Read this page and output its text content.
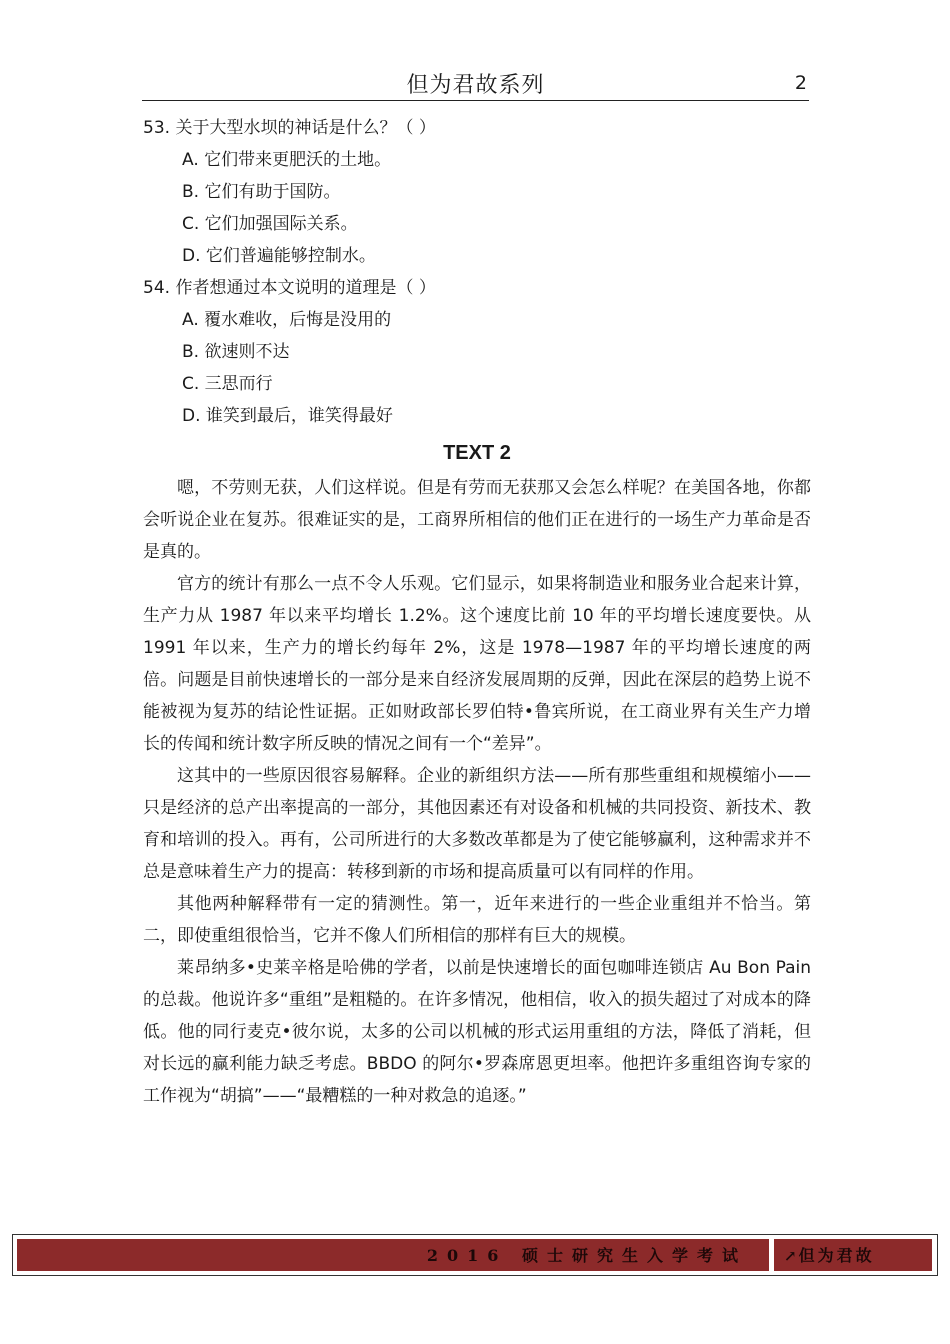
但为君故系列	2

53. 关于大型水坝的神话是什么？（ ）

A. 它们带来更肥沃的土地。

B. 它们有助于国防。

C. 它们加强国际关系。

D. 它们普遍能够控制水。

54. 作者想通过本文说明的道理是（ ）

A. 覆水难收，后悔是没用的

B. 欲速则不达

C. 三思而行

D. 谁笑到最后，谁笑得最好

TEXT 2

嗯，不劳则无获，人们这样说。但是有劳而无获那又会怎么样呢？在美国各地，你都会听说企业在复苏。很难证实的是，工商界所相信的他们正在进行的一场生产力革命是否是真的。

官方的统计有那么一点不令人乐观。它们显示，如果将制造业和服务业合起来计算，生产力从 1987 年以来平均增长 1.2%。这个速度比前 10 年的平均增长速度要快。从 1991 年以来，生产力的增长约每年 2%，这是 1978—1987 年的平均增长速度的两倍。问题是目前快速增长的一部分是来自经济发展周期的反弹，因此在深层的趋势上说不能被视为复苏的结论性证据。正如财政部长罗伯特•鲁宾所说，在工商业界有关生产力增长的传闻和统计数字所反映的情况之间有一个“差异”。

这其中的一些原因很容易解释。企业的新组织方法——所有那些重组和规模缩小——只是经济的总产出率提高的一部分，其他因素还有对设备和机械的共同投资、新技术、教育和培训的投入。再有，公司所进行的大多数改革都是为了使它能够赢利，这种需求并不总是意味着生产力的提高：转移到新的市场和提高质量可以有同样的作用。

其他两种解释带有一定的猜测性。第一，近年来进行的一些企业重组并不恰当。第二，即使重组很恰当，它并不像人们所相信的那样有巨大的规模。

莱昂纳多•史莱辛格是哈佛的学者，以前是快速增长的面包咖啡连锁店 Au Bon Pain 的总裁。他说许多“重组”是粗糙的。在许多情况，他相信，收入的损失超过了对成本的降低。他的同行麦克•彼尔说，太多的公司以机械的形式运用重组的方法，降低了消耗，但对长远的赢利能力缺乏考虑。BBDO 的阿尔•罗森席恩更坦率。他把许多重组咨询专家的工作视为“胡搞”——“最糟糕的一种对救急的追逐。”

2016 硕士研究生入学考试 ↗ 但为君故
